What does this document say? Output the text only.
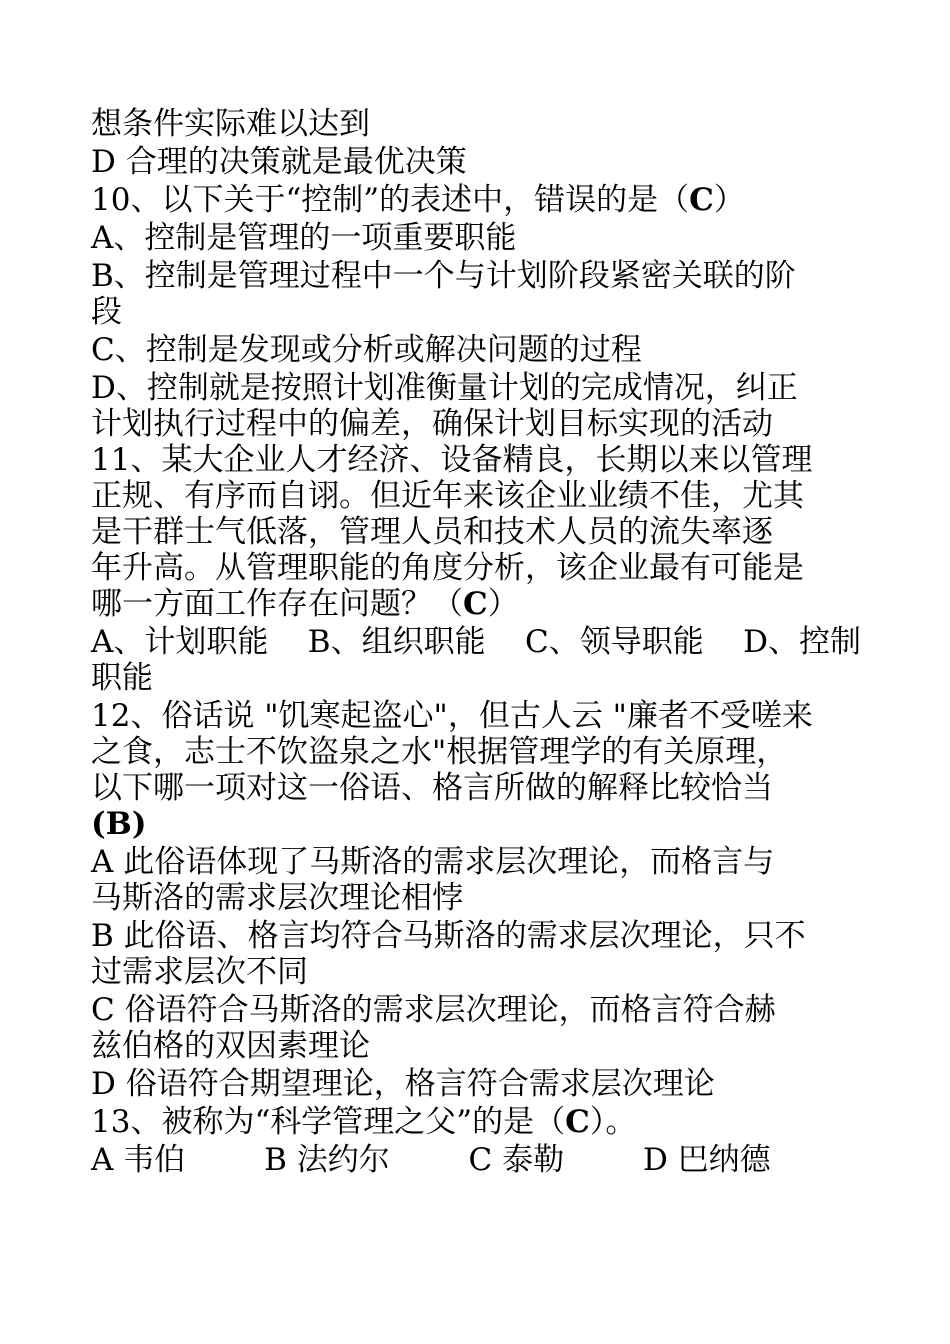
想条件实际难以达到

D 合理的决策就是最优决策

10、以下关于“控制”的表述中，错误的是（C）

A、控制是管理的一项重要职能

B、控制是管理过程中一个与计划阶段紧密关联的阶

段

C、控制是发现或分析或解决问题的过程

D、控制就是按照计划准衡量计划的完成情况，纠正

计划执行过程中的偏差，确保计划目标实现的活动

11、某大企业人才经济、设备精良，长期以来以管理

正规、有序而自诩。但近年来该企业业绩不佳，尤其

是干群士气低落，管理人员和技术人员的流失率逐

年升高。从管理职能的角度分析，该企业最有可能是

哪一方面工作存在问题？（C）

A、计划职能    B、组织职能    C、领导职能    D、控制

职能

12、俗话说 "饥寒起盗心"，但古人云 "廉者不受嗟来

之食，志士不饮盗泉之水"根据管理学的有关原理，

以下哪一项对这一俗语、格言所做的解释比较恰当

(B)

A 此俗语体现了马斯洛的需求层次理论，而格言与

马斯洛的需求层次理论相悖

B 此俗语、格言均符合马斯洛的需求层次理论，只不

过需求层次不同

C 俗语符合马斯洛的需求层次理论，而格言符合赫

兹伯格的双因素理论

D 俗语符合期望理论，格言符合需求层次理论

13、被称为“科学管理之父”的是（C）。

A 韦伯        B 法约尔        C 泰勒        D 巴纳德
